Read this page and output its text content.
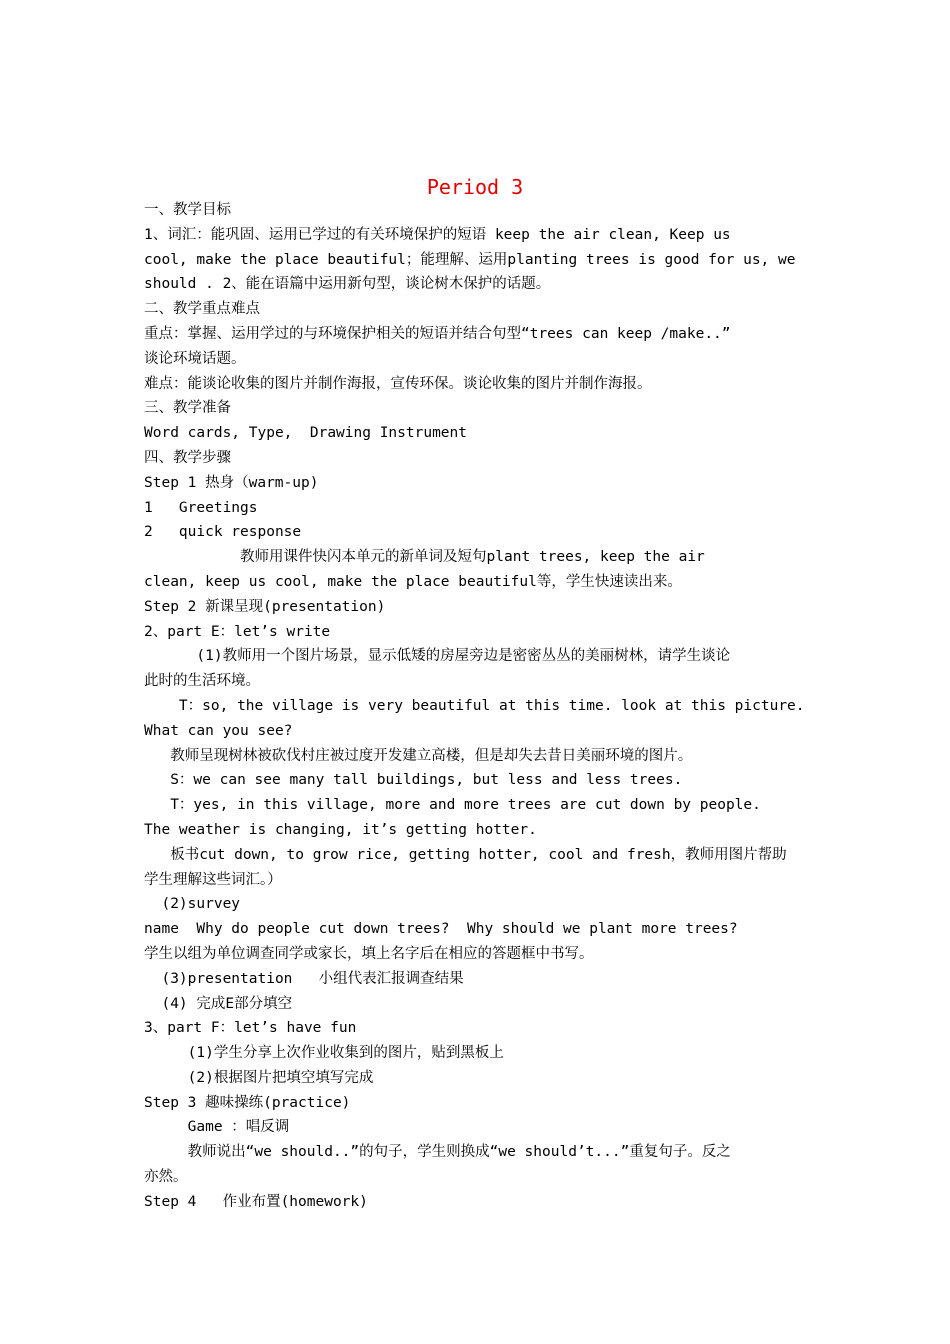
Period 3
一、教学目标
1、词汇：能巩固、运用已学过的有关环境保护的短语 keep the air clean, Keep us
cool, make the place beautiful；能理解、运用planting trees is good for us, we
should . 2、能在语篇中运用新句型，谈论树木保护的话题。
二、教学重点难点
重点：掌握、运用学过的与环境保护相关的短语并结合句型“trees can keep /make..”
谈论环境话题。
难点：能谈论收集的图片并制作海报，宣传环保。谈论收集的图片并制作海报。
三、教学准备
Word cards, Type,  Drawing Instrument
四、教学步骤
Step 1 热身（warm-up)
1   Greetings
2   quick response
教师用课件快闪本单元的新单词及短句plant trees, keep the air
clean, keep us cool, make the place beautiful等，学生快速读出来。
Step 2 新课呈现(presentation)
2、part E：let’s write
(1)教师用一个图片场景，显示低矮的房屋旁边是密密丛丛的美丽树林，请学生谈论
此时的生活环境。
T：so, the village is very beautiful at this time. look at this picture.
What can you see?
教师呈现树林被砍伐村庄被过度开发建立高楼，但是却失去昔日美丽环境的图片。
S：we can see many tall buildings, but less and less trees.
T：yes, in this village, more and more trees are cut down by people.
The weather is changing, it’s getting hotter.
板书cut down, to grow rice, getting hotter, cool and fresh，教师用图片帮助
学生理解这些词汇。）
(2)survey
name  Why do people cut down trees?  Why should we plant more trees?
学生以组为单位调查同学或家长，填上名字后在相应的答题框中书写。
(3)presentation   小组代表汇报调查结果
(4) 完成E部分填空
3、part F：let’s have fun
(1)学生分享上次作业收集到的图片，贴到黑板上
(2)根据图片把填空填写完成
Step 3 趣味操练(practice)
Game ：唱反调
教师说出“we should..”的句子，学生则换成“we should’t...”重复句子。反之
亦然。
Step 4   作业布置(homework)
